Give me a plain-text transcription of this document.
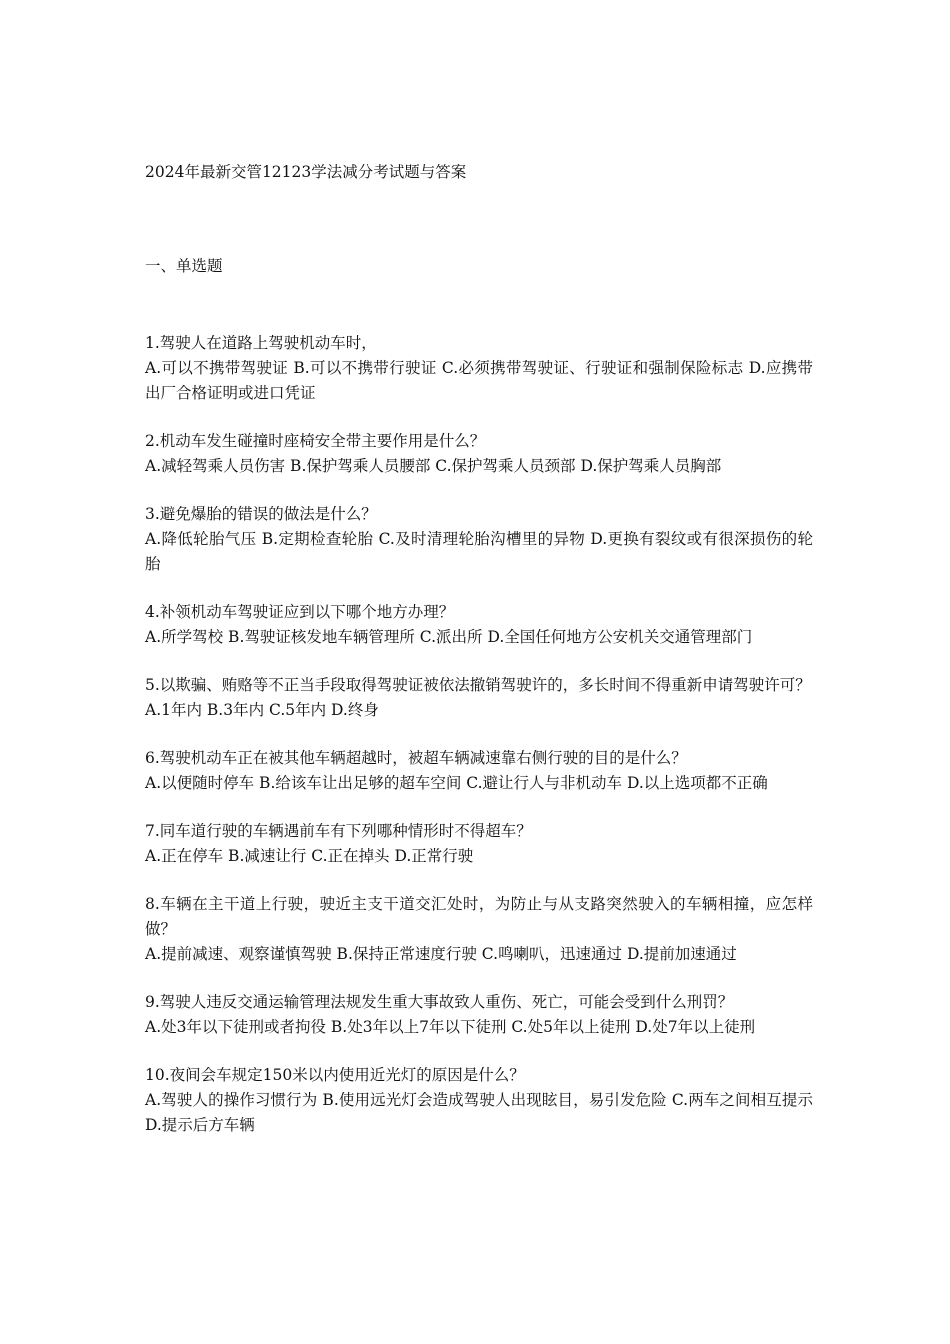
2024年最新交管12123学法减分考试题与答案
一、单选题

1.驾驶人在道路上驾驶机动车时，

A.可以不携带驾驶证 B.可以不携带行驶证 C.必须携带驾驶证、行驶证和强制保险标志 D.应携带出厂合格证明或进口凭证

2.机动车发生碰撞时座椅安全带主要作用是什么？

A.减轻驾乘人员伤害 B.保护驾乘人员腰部 C.保护驾乘人员颈部 D.保护驾乘人员胸部

3.避免爆胎的错误的做法是什么？

A.降低轮胎气压 B.定期检查轮胎 C.及时清理轮胎沟槽里的异物 D.更换有裂纹或有很深损伤的轮胎

4.补领机动车驾驶证应到以下哪个地方办理？

A.所学驾校 B.驾驶证核发地车辆管理所 C.派出所 D.全国任何地方公安机关交通管理部门

5.以欺骗、贿赂等不正当手段取得驾驶证被依法撤销驾驶许的，多长时间不得重新申请驾驶许可？

A.1年内 B.3年内 C.5年内 D.终身

6.驾驶机动车正在被其他车辆超越时，被超车辆减速靠右侧行驶的目的是什么？

A.以便随时停车 B.给该车让出足够的超车空间 C.避让行人与非机动车 D.以上选项都不正确

7.同车道行驶的车辆遇前车有下列哪种情形时不得超车？

A.正在停车 B.减速让行 C.正在掉头 D.正常行驶

8.车辆在主干道上行驶，驶近主支干道交汇处时，为防止与从支路突然驶入的车辆相撞，应怎样做？

A.提前减速、观察谨慎驾驶 B.保持正常速度行驶 C.鸣喇叭，迅速通过 D.提前加速通过

9.驾驶人违反交通运输管理法规发生重大事故致人重伤、死亡，可能会受到什么刑罚？

A.处3年以下徒刑或者拘役 B.处3年以上7年以下徒刑 C.处5年以上徒刑 D.处7年以上徒刑

10.夜间会车规定150米以内使用近光灯的原因是什么？

A.驾驶人的操作习惯行为 B.使用远光灯会造成驾驶人出现眩目，易引发危险 C.两车之间相互提示 D.提示后方车辆
